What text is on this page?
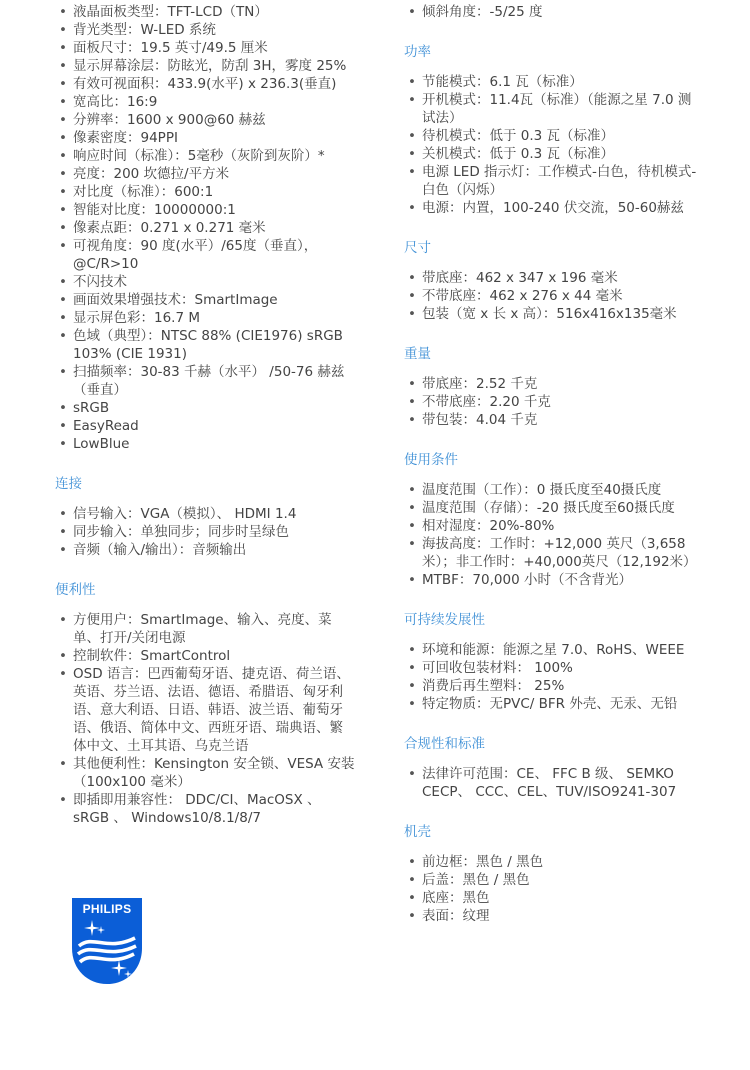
• 液晶面板类型：TFT-LCD（TN）
• 背光类型：W-LED 系统
• 面板尺寸：19.5 英寸/49.5 厘米
• 显示屏幕涂层：防眩光，防刮 3H，雾度 25%
• 有效可视面积：433.9(水平) x 236.3(垂直)
• 宽高比：16:9
• 分辨率：1600 x 900@60 赫兹
• 像素密度：94PPI
• 响应时间（标准）：5毫秒（灰阶到灰阶）*
• 亮度：200 坎德拉/平方米
• 对比度（标准）：600:1
• 智能对比度：10000000:1
• 像素点距：0.271 x 0.271 毫米
• 可视角度：90 度(水平）/65度（垂直），@C/R>10
• 不闪技术
• 画面效果增强技术：SmartImage
• 显示屏色彩：16.7 M
• 色域（典型）：NTSC 88% (CIE1976) sRGB 103% (CIE 1931)
• 扫描频率：30-83 千赫（水平） /50-76 赫兹（垂直）
• sRGB
• EasyRead
• LowBlue
连接
• 信号输入：VGA（模拟）、 HDMI 1.4
• 同步输入：单独同步；同步时呈绿色
• 音频（输入/输出）：音频输出
便利性
• 方便用户：SmartImage、输入、亮度、菜单、打开/关闭电源
• 控制软件：SmartControl
• OSD 语言：巴西葡萄牙语、捷克语、荷兰语、英语、芬兰语、法语、德语、希腊语、匈牙利语、意大利语、日语、韩语、波兰语、葡萄牙语、俄语、简体中文、西班牙语、瑞典语、繁体中文、土耳其语、乌克兰语
• 其他便利性：Kensington 安全锁、VESA 安装（100x100 毫米）
• 即插即用兼容性： DDC/CI、MacOSX 、sRGB 、 Windows10/8.1/8/7
• 倾斜角度：-5/25 度
功率
• 节能模式：6.1 瓦（标准）
• 开机模式：11.4瓦（标准）（能源之星 7.0 测试法）
• 待机模式：低于 0.3 瓦（标准）
• 关机模式：低于 0.3 瓦（标准）
• 电源 LED 指示灯：工作模式-白色，待机模式-白色（闪烁）
• 电源：内置，100-240 伏交流，50-60赫兹
尺寸
• 带底座：462 x 347 x 196 毫米
• 不带底座：462 x 276 x 44 毫米
• 包装（宽 x 长 x 高）：516x416x135毫米
重量
• 带底座：2.52 千克
• 不带底座：2.20 千克
• 带包装：4.04 千克
使用条件
• 温度范围（工作）：0 摄氏度至40摄氏度
• 温度范围（存储）：-20 摄氏度至60摄氏度
• 相对湿度：20%-80%
• 海拔高度：工作时：+12,000 英尺（3,658 米）；非工作时：+40,000英尺（12,192米）
• MTBF：70,000 小时（不含背光）
可持续发展性
• 环境和能源：能源之星 7.0、RoHS、WEEE
• 可回收包装材料： 100%
• 消费后再生塑料： 25%
• 特定物质：无PVC/ BFR 外壳、无汞、无铅
合规性和标准
• 法律许可范围：CE、 FFC B 级、 SEMKO CECP、 CCC、CEL、TUV/ISO9241-307
机壳
• 前边框：黑色 / 黑色
• 后盖：黑色 / 黑色
• 底座：黑色
• 表面：纹理
PHILIPS
